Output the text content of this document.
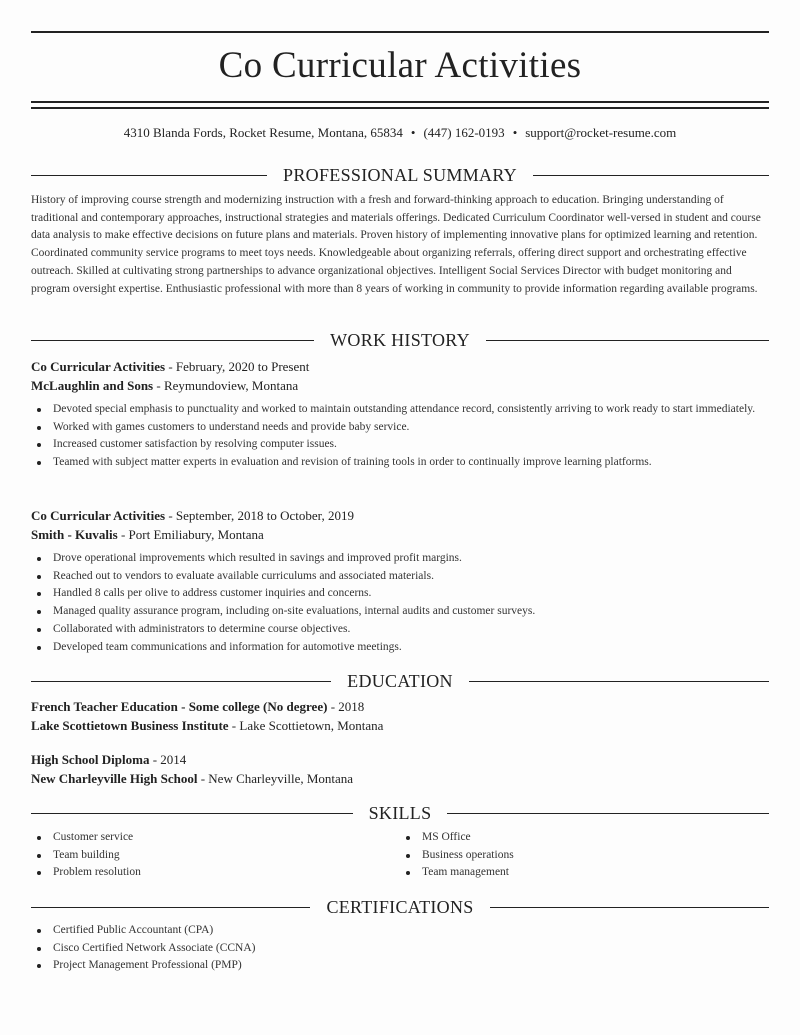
Co Curricular Activities
4310 Blanda Fords, Rocket Resume, Montana, 65834 • (447) 162-0193 • support@rocket-resume.com
PROFESSIONAL SUMMARY
History of improving course strength and modernizing instruction with a fresh and forward-thinking approach to education. Bringing understanding of traditional and contemporary approaches, instructional strategies and materials offerings. Dedicated Curriculum Coordinator well-versed in student and course data analysis to make effective decisions on future plans and materials. Proven history of implementing innovative plans for optimized learning and retention. Coordinated community service programs to meet toys needs. Knowledgeable about organizing referrals, offering direct support and orchestrating effective outreach. Skilled at cultivating strong partnerships to advance organizational objectives. Intelligent Social Services Director with budget monitoring and program oversight expertise. Enthusiastic professional with more than 8 years of working in community to provide information regarding available programs.
WORK HISTORY
Co Curricular Activities - February, 2020 to Present
McLaughlin and Sons - Reymundoview, Montana
Devoted special emphasis to punctuality and worked to maintain outstanding attendance record, consistently arriving to work ready to start immediately.
Worked with games customers to understand needs and provide baby service.
Increased customer satisfaction by resolving computer issues.
Teamed with subject matter experts in evaluation and revision of training tools in order to continually improve learning platforms.
Co Curricular Activities - September, 2018 to October, 2019
Smith - Kuvalis - Port Emiliabury, Montana
Drove operational improvements which resulted in savings and improved profit margins.
Reached out to vendors to evaluate available curriculums and associated materials.
Handled 8 calls per olive to address customer inquiries and concerns.
Managed quality assurance program, including on-site evaluations, internal audits and customer surveys.
Collaborated with administrators to determine course objectives.
Developed team communications and information for automotive meetings.
EDUCATION
French Teacher Education - Some college (No degree) - 2018
Lake Scottietown Business Institute - Lake Scottietown, Montana
High School Diploma - 2014
New Charleyville High School - New Charleyville, Montana
SKILLS
Customer service
Team building
Problem resolution
MS Office
Business operations
Team management
CERTIFICATIONS
Certified Public Accountant (CPA)
Cisco Certified Network Associate (CCNA)
Project Management Professional (PMP)
